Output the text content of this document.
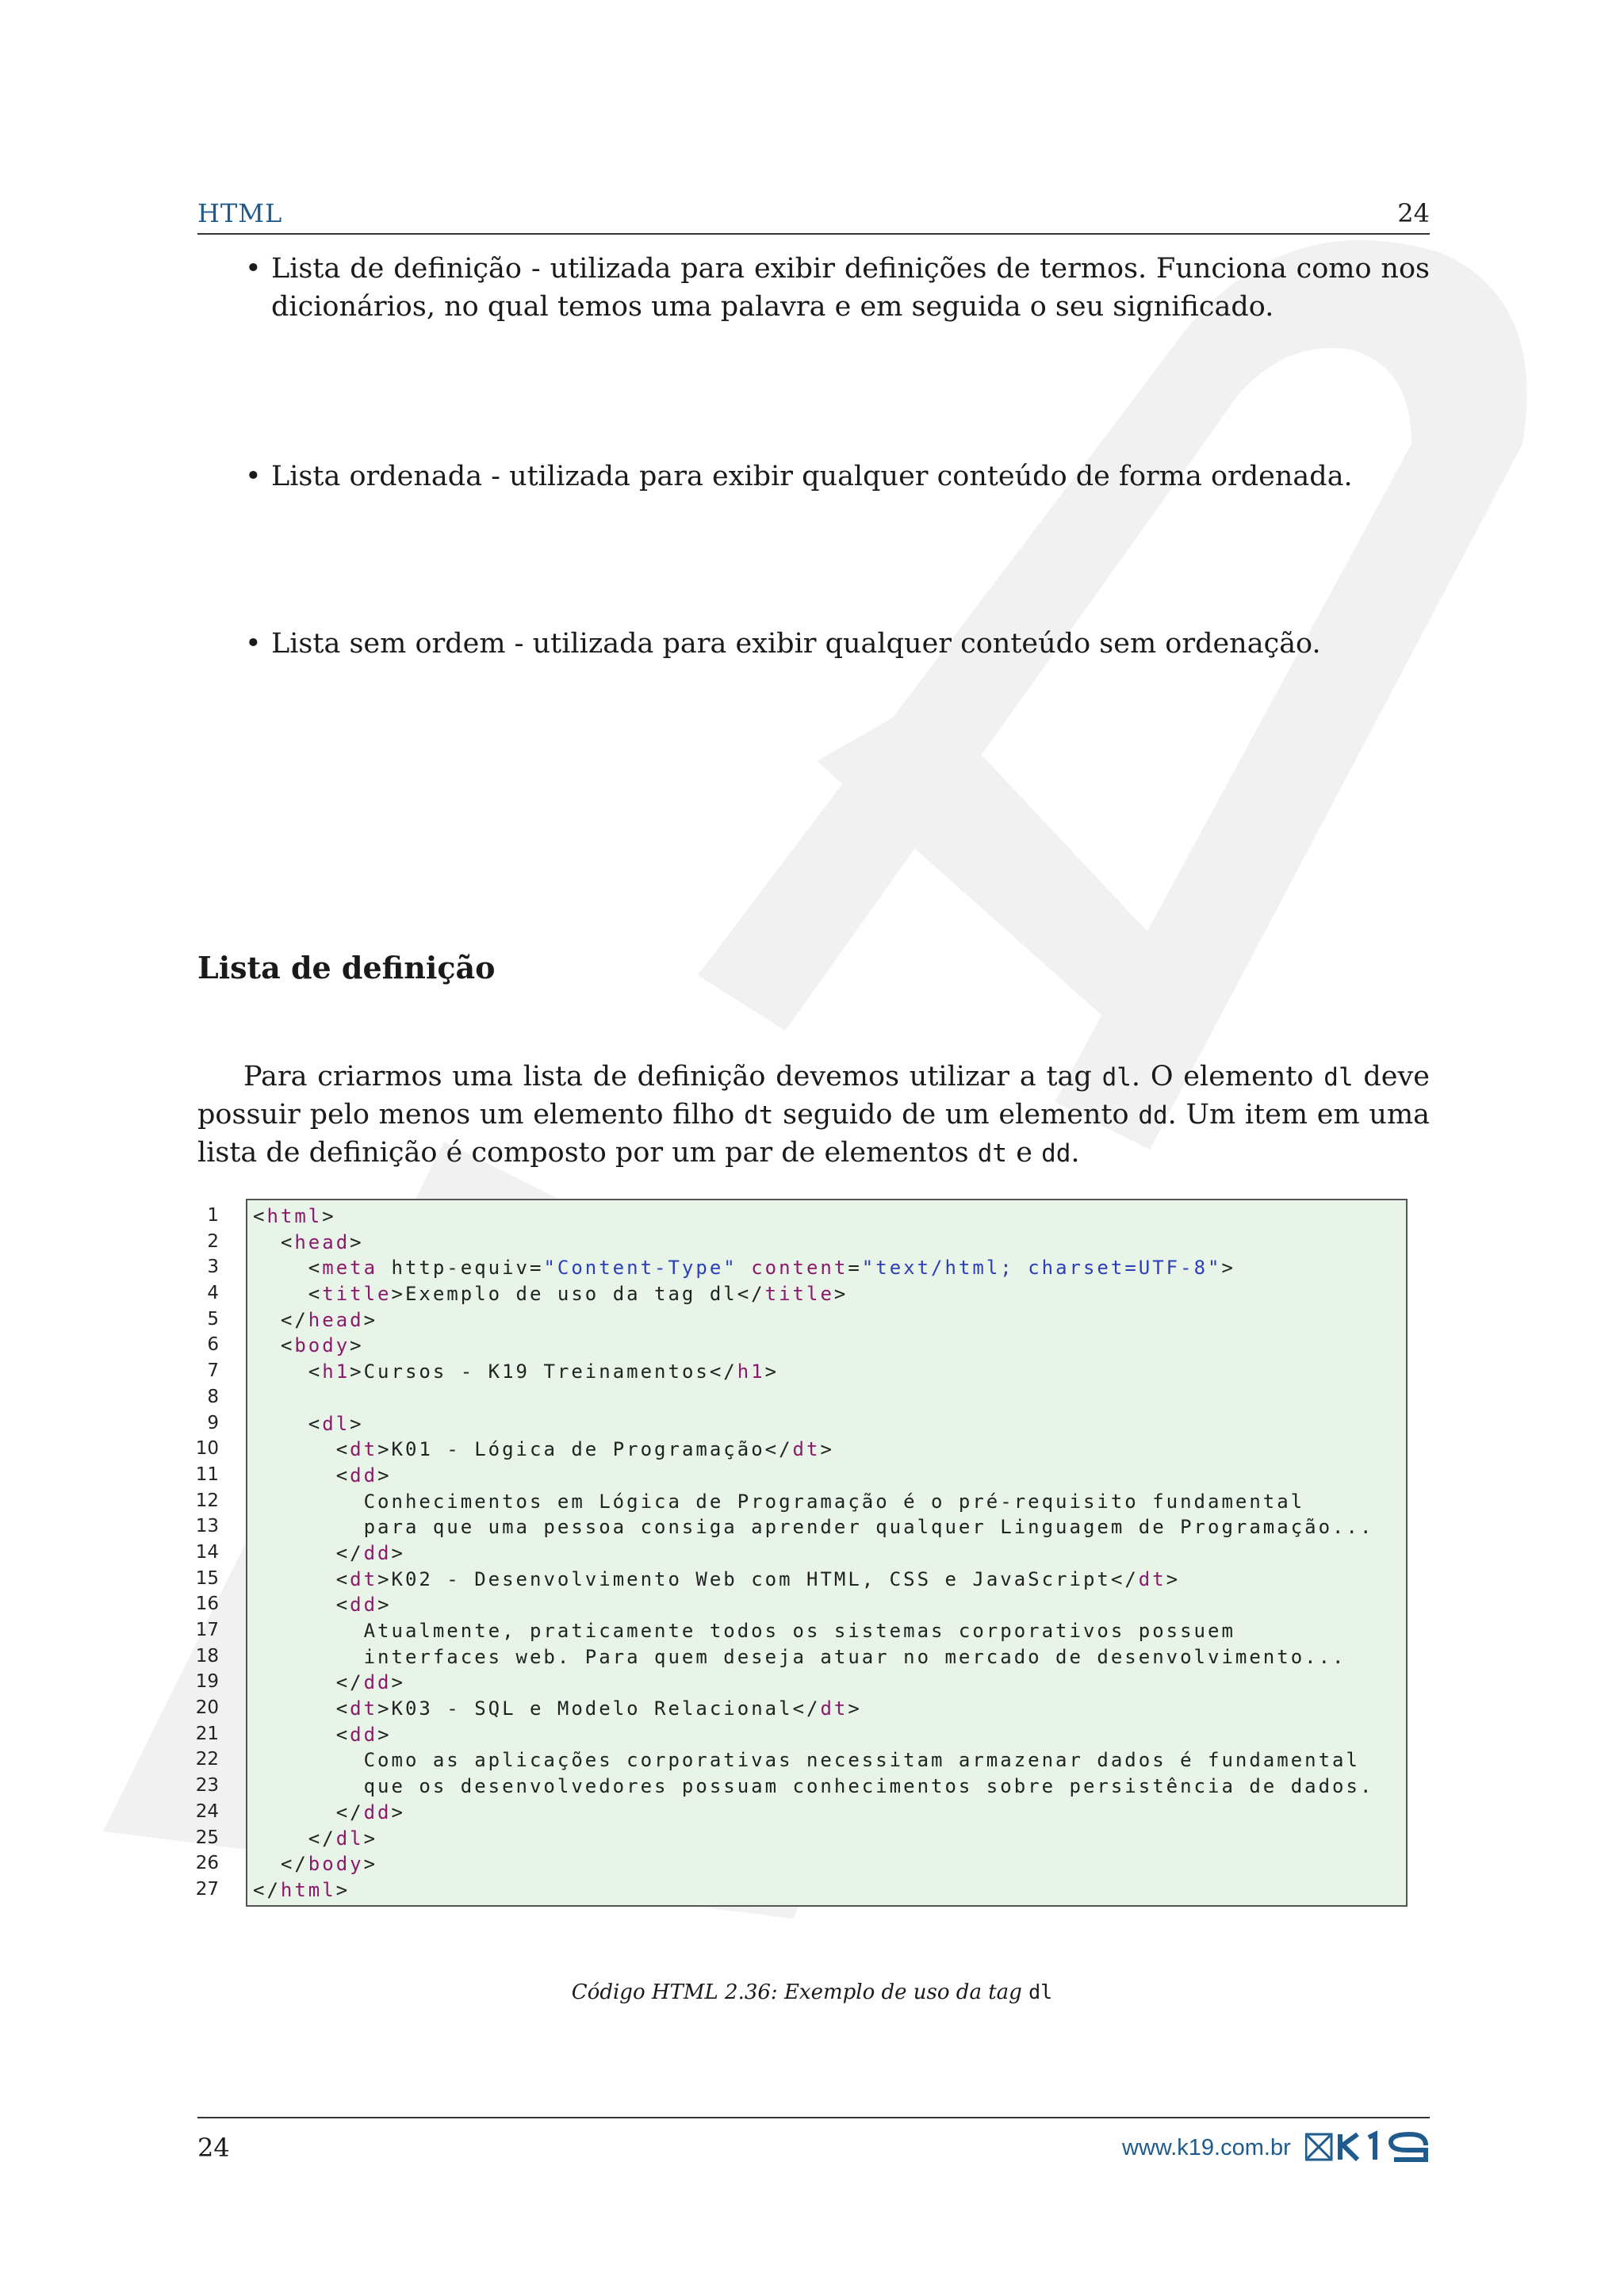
HTML	24
• Lista de definição - utilizada para exibir definições de termos. Funciona como nos dicionários, no qual temos uma palavra e em seguida o seu significado.
• Lista ordenada - utilizada para exibir qualquer conteúdo de forma ordenada.
• Lista sem ordem - utilizada para exibir qualquer conteúdo sem ordenação.
Lista de definição
Para criarmos uma lista de definição devemos utilizar a tag dl. O elemento dl deve possuir pelo menos um elemento filho dt seguido de um elemento dd. Um item em uma lista de definição é composto por um par de elementos dt e dd.
1
2
3
4
5
6
7
8
9
10
11
12
13
14
15
16
17
18
19
20
21
22
23
24
25
26
27
<html>
<head>
<meta http-equiv="Content-Type" content="text/html; charset=UTF-8">
<title>Exemplo de uso da tag dl</title>
</head>
<body>
<h1>Cursos - K19 Treinamentos</h1>

<dl>
<dt>K01 - Lógica de Programação</dt>
<dd>
Conhecimentos em Lógica de Programação é o pré-requisito fundamental
para que uma pessoa consiga aprender qualquer Linguagem de Programação...
</dd>
<dt>K02 - Desenvolvimento Web com HTML, CSS e JavaScript</dt>
<dd>
Atualmente, praticamente todos os sistemas corporativos possuem
interfaces web. Para quem deseja atuar no mercado de desenvolvimento...
</dd>
<dt>K03 - SQL e Modelo Relacional</dt>
<dd>
Como as aplicações corporativas necessitam armazenar dados é fundamental
que os desenvolvedores possuam conhecimentos sobre persistência de dados.
</dd>
</dl>
</body>
</html>
Código HTML 2.36: Exemplo de uso da tag dl
24	www.k19.com.br
